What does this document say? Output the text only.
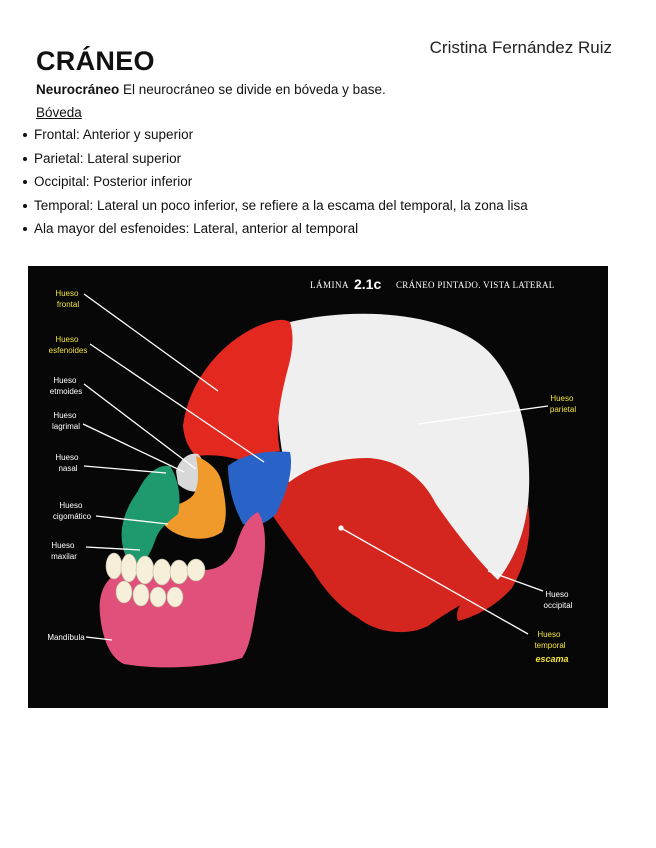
Cristina Fernández Ruiz
CRÁNEO
Neurocráneo El neurocráneo se divide en bóveda y base.
Bóveda
Frontal: Anterior y superior
Parietal: Lateral superior
Occipital: Posterior inferior
Temporal: Lateral un poco inferior, se refiere a la escama del temporal, la zona lisa
Ala mayor del esfenoides: Lateral, anterior al temporal
LÁMINA 2.1c CRÁNEO PINTADO. VISTA LATERAL
Hueso frontal
Hueso esfenoides
Hueso etmoides
Hueso lagrimal
Hueso nasal
Hueso cigomático
Hueso maxilar
Mandíbula
Hueso parietal
Hueso occipital
Hueso temporal
escama
